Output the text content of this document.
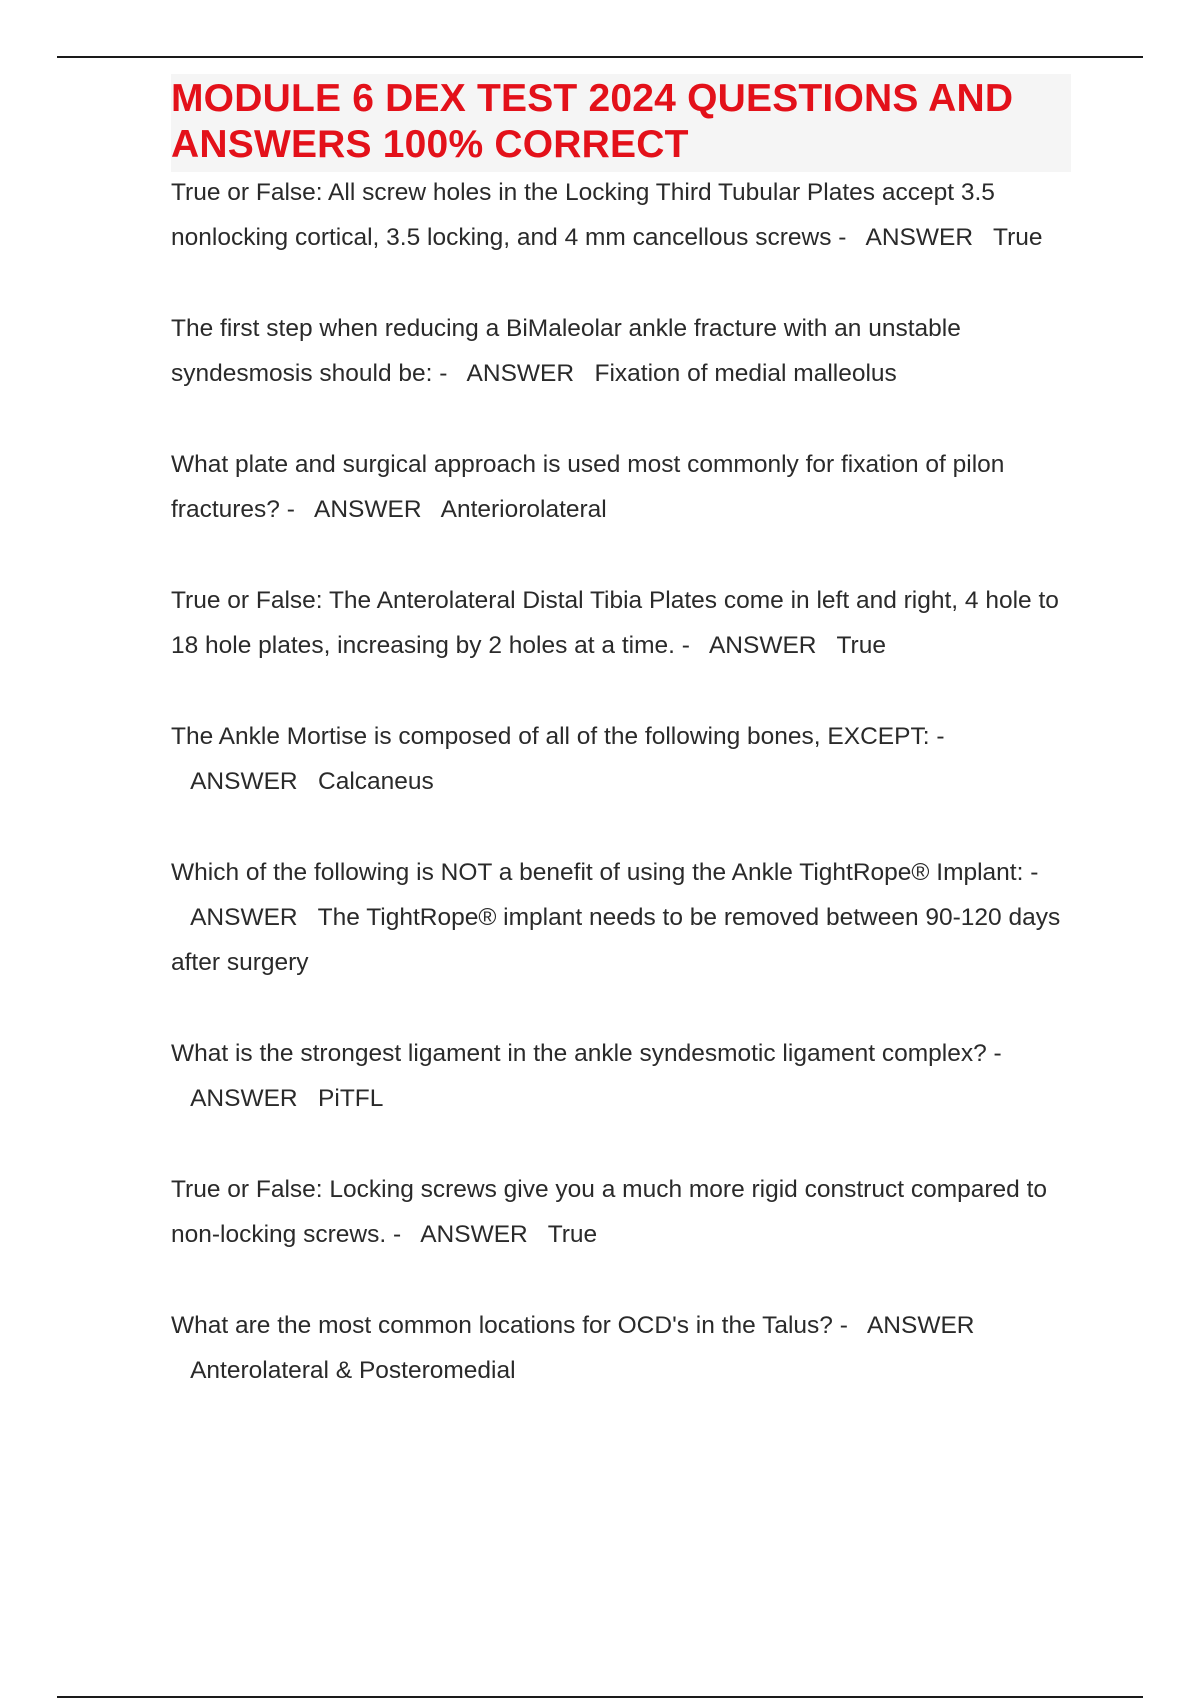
MODULE 6 DEX TEST 2024 QUESTIONS AND ANSWERS 100% CORRECT
True or False: All screw holes in the Locking Third Tubular Plates accept 3.5 nonlocking cortical, 3.5 locking, and 4 mm cancellous screws - ANSWER True
The first step when reducing a BiMaleolar ankle fracture with an unstable syndesmosis should be: - ANSWER Fixation of medial malleolus
What plate and surgical approach is used most commonly for fixation of pilon fractures? - ANSWER Anteriorolateral
True or False: The Anterolateral Distal Tibia Plates come in left and right, 4 hole to 18 hole plates, increasing by 2 holes at a time. - ANSWER True
The Ankle Mortise is composed of all of the following bones, EXCEPT: -   ANSWER Calcaneus
Which of the following is NOT a benefit of using the Ankle TightRope® Implant: -   ANSWER The TightRope® implant needs to be removed between 90-120 days after surgery
What is the strongest ligament in the ankle syndesmotic ligament complex? -   ANSWER PiTFL
True or False: Locking screws give you a much more rigid construct compared to non-locking screws. - ANSWER True
What are the most common locations for OCD's in the Talus? - ANSWER   Anterolateral & Posteromedial
